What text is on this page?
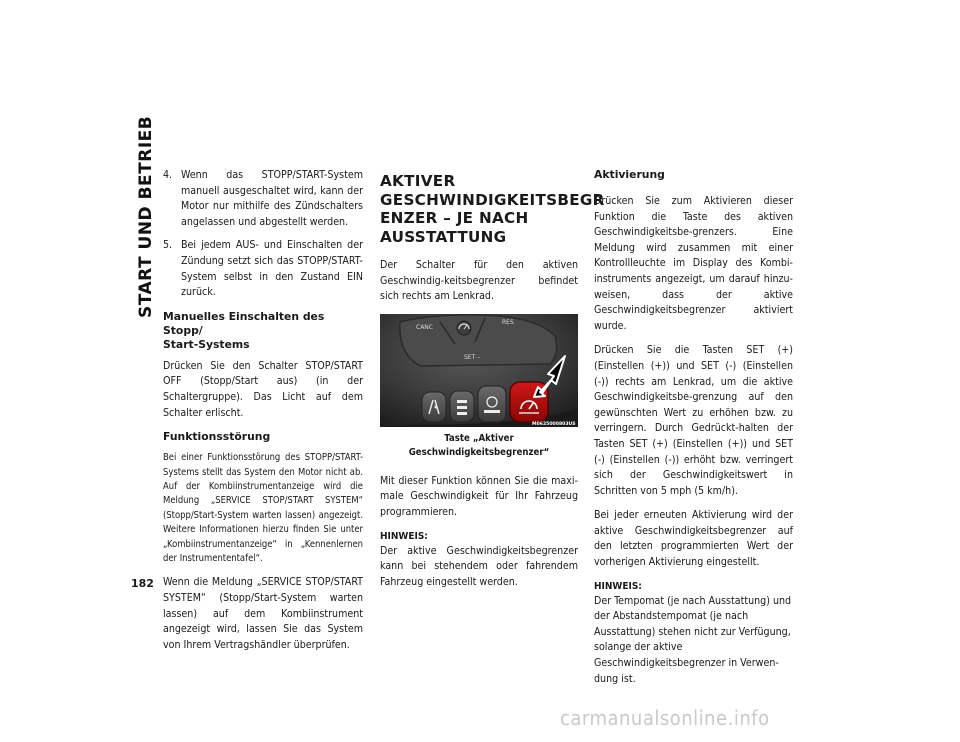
START UND BETRIEB
182
4. Wenn das STOPP/START-System manuell ausgeschaltet wird, kann der Motor nur mithilfe des Zündschalters angelassen und abgestellt werden.
5. Bei jedem AUS- und Einschalten der Zündung setzt sich das STOPP/START-System selbst in den Zustand EIN zurück.
Manuelles Einschalten des Stopp/
Start-Systems

Drücken Sie den Schalter STOP/START OFF (Stopp/Start aus) (in der Schaltergruppe). Das Licht auf dem Schalter erlischt.

Funktionsstörung

Bei einer Funktionsstörung des STOPP/START-Systems stellt das System den Motor nicht ab. Auf der Kombiinstrumentanzeige wird die Meldung „SERVICE STOP/START SYSTEM“ (Stopp/Start-System warten lassen) angezeigt. Weitere Informationen hierzu finden Sie unter „Kombiinstrumentanzeige“ in „Kennenlernen der Instrumententafel“.

Wenn die Meldung „SERVICE STOP/START SYSTEM“ (Stopp/Start-System warten lassen) auf dem Kombiinstrument angezeigt wird, lassen Sie das System von Ihrem Vertragshändler überprüfen.

AKTIVER
GESCHWINDIGKEITSBEGR
ENZER – JE NACH
AUSSTATTUNG

Der Schalter für den aktiven Geschwindig-keitsbegrenzer befindet sich rechts am Lenkrad.

CANC
RES
SET –
M0625000803US
Taste „Aktiver Geschwindigkeitsbegrenzer“

Mit dieser Funktion können Sie die maxi-male Geschwindigkeit für Ihr Fahrzeug programmieren.

HINWEIS:

Der aktive Geschwindigkeitsbegrenzer kann bei stehendem oder fahrendem Fahrzeug eingestellt werden.

Aktivierung

Drücken Sie zum Aktivieren dieser Funktion die Taste des aktiven Geschwindigkeitsbe-grenzers. Eine Meldung wird zusammen mit einer Kontrollleuchte im Display des Kombi-instruments angezeigt, um darauf hinzu-weisen, dass der aktive Geschwindigkeitsbegrenzer aktiviert wurde.

Drücken Sie die Tasten SET (+) (Einstellen (+)) und SET (-) (Einstellen (-)) rechts am Lenkrad, um die aktive Geschwindigkeitsbe-grenzung auf den gewünschten Wert zu erhöhen bzw. zu verringern. Durch Gedrückt-halten der Tasten SET (+) (Einstellen (+)) und SET (-) (Einstellen (-)) erhöht bzw. verringert sich der Geschwindigkeitswert in Schritten von 5 mph (5 km/h).

Bei jeder erneuten Aktivierung wird der aktive Geschwindigkeitsbegrenzer auf den letzten programmierten Wert der vorherigen Aktivierung eingestellt.

HINWEIS:

Der Tempomat (je nach Ausstattung) und der Abstandstempomat (je nach Ausstattung) stehen nicht zur Verfügung, solange der aktive Geschwindigkeitsbegrenzer in Verwen-dung ist.

carmanualsonline.info
